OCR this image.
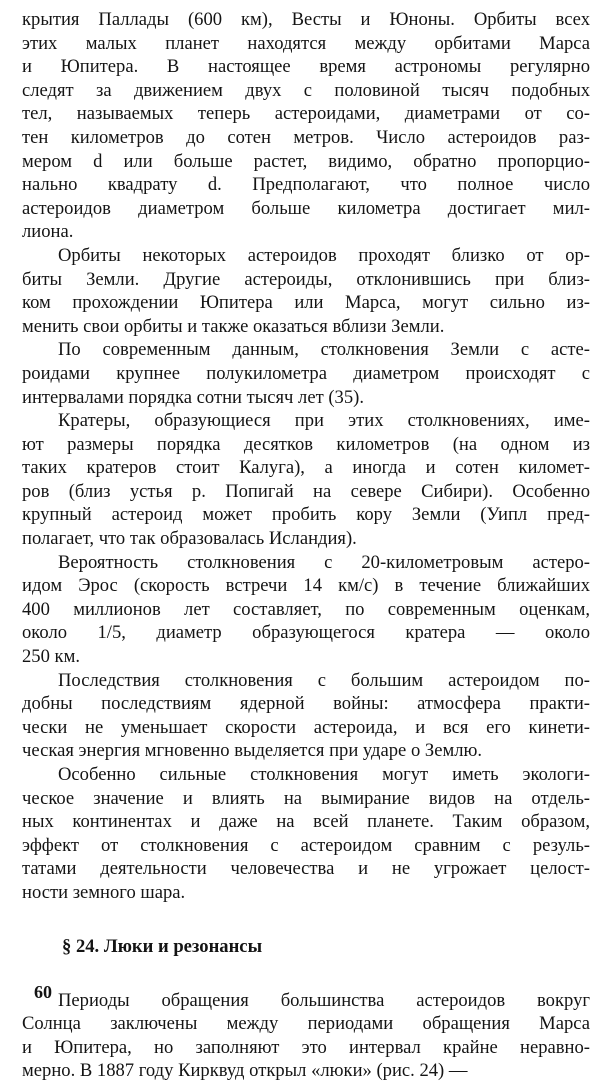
крытия Паллады (600 км), Весты и Юноны. Орбиты всех
этих малых планет находятся между орбитами Марса
и Юпитера. В настоящее время астрономы регулярно
следят за движением двух с половиной тысяч подобных
тел, называемых теперь астероидами, диаметрами от со-
тен километров до сотен метров. Число астероидов раз-
мером d или больше растет, видимо, обратно пропорцио-
нально квадрату d. Предполагают, что полное число
астероидов диаметром больше километра достигает мил-
лиона.

Орбиты некоторых астероидов проходят близко от ор-
биты Земли. Другие астероиды, отклонившись при близ-
ком прохождении Юпитера или Марса, могут сильно из-
менить свои орбиты и также оказаться вблизи Земли.

По современным данным, столкновения Земли с асте-
роидами крупнее полукилометра диаметром происходят с
интервалами порядка сотни тысяч лет (35).

Кратеры, образующиеся при этих столкновениях, име-
ют размеры порядка десятков километров (на одном из
таких кратеров стоит Калуга), а иногда и сотен километ-
ров (близ устья р. Попигай на севере Сибири). Особенно
крупный астероид может пробить кору Земли (Уипл пред-
полагает, что так образовалась Исландия).

Вероятность столкновения с 20-километровым астеро-
идом Эрос (скорость встречи 14 км/с) в течение ближайших
400 миллионов лет составляет, по современным оценкам,
около 1/5, диаметр образующегося кратера — около
250 км.

Последствия столкновения с большим астероидом по-
добны последствиям ядерной войны: атмосфера практи-
чески не уменьшает скорости астероида, и вся его кинети-
ческая энергия мгновенно выделяется при ударе о Землю.

Особенно сильные столкновения могут иметь экологи-
ческое значение и влиять на вымирание видов на отдель-
ных континентах и даже на всей планете. Таким образом,
эффект от столкновения с астероидом сравним с резуль-
татами деятельности человечества и не угрожает целост-
ности земного шара.

§ 24. Люки и резонансы

Периоды обращения большинства астероидов вокруг
Солнца заключены между периодами обращения Марса
и Юпитера, но заполняют это интервал крайне неравно-
мерно. В 1887 году Кирквуд открыл «люки» (рис. 24) —

60
